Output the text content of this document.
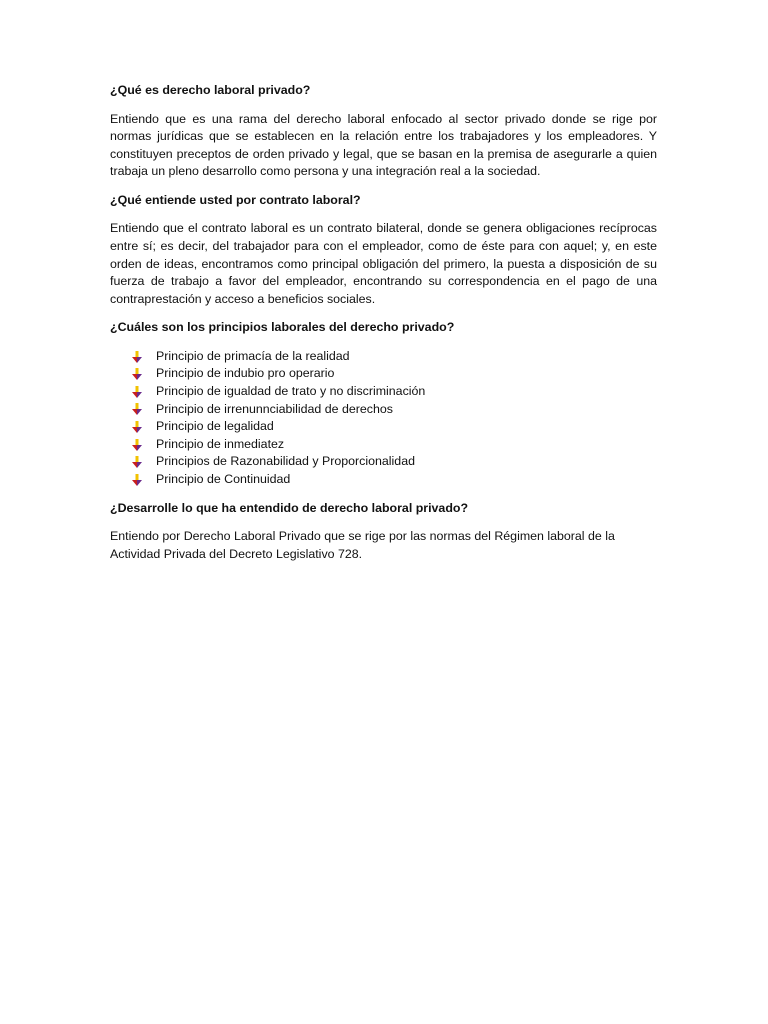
¿Qué es derecho laboral privado?

Entiendo que es una rama del derecho laboral enfocado al sector privado donde se rige por normas jurídicas que se establecen en la relación entre los trabajadores y los empleadores. Y constituyen preceptos de orden privado y legal, que se basan en la premisa de asegurarle a quien trabaja un pleno desarrollo como persona y una integración real a la sociedad.

¿Qué entiende usted por contrato laboral?

Entiendo que el contrato laboral es un contrato bilateral, donde se genera obligaciones recíprocas entre sí; es decir, del trabajador para con el empleador, como de éste para con aquel; y, en este orden de ideas, encontramos como principal obligación del primero, la puesta a disposición de su fuerza de trabajo a favor del empleador, encontrando su correspondencia en el pago de una contraprestación y acceso a beneficios sociales.

¿Cuáles son los principios laborales del derecho privado?

Principio de primacía de la realidad
Principio de indubio pro operario
Principio de igualdad de trato y no discriminación
Principio de irrenunnciabilidad de derechos
Principio de legalidad
Principio de inmediatez
Principios de Razonabilidad y Proporcionalidad
Principio de Continuidad

¿Desarrolle lo que ha entendido de derecho laboral privado?

Entiendo por Derecho Laboral Privado que se rige por las normas del Régimen laboral de la Actividad Privada del Decreto Legislativo 728.
